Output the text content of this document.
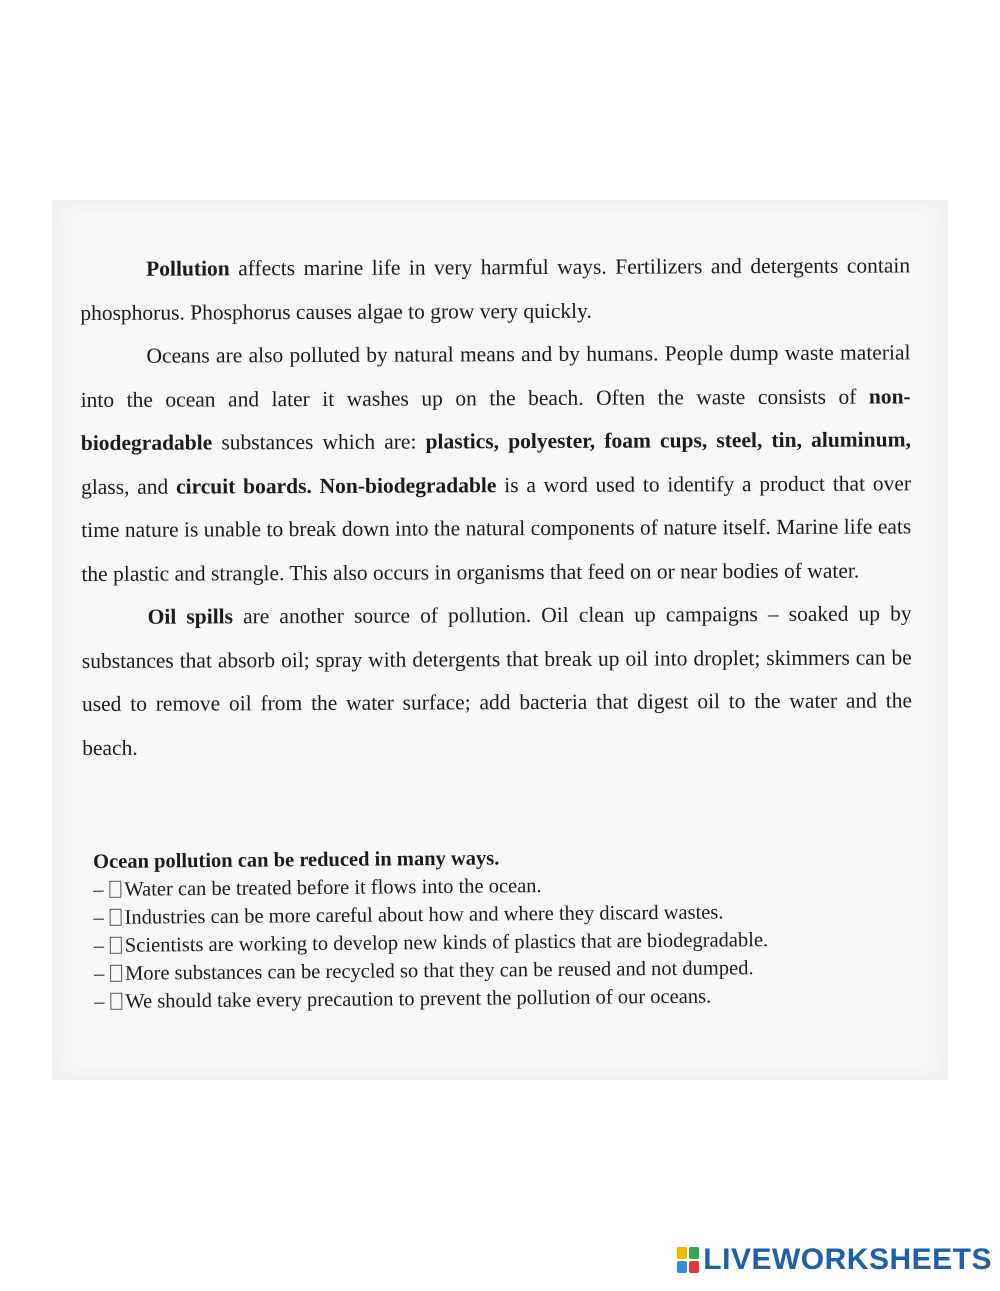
Pollution affects marine life in very harmful ways. Fertilizers and detergents contain phosphorus. Phosphorus causes algae to grow very quickly.

Oceans are also polluted by natural means and by humans. People dump waste material into the ocean and later it washes up on the beach. Often the waste consists of non-biodegradable substances which are: plastics, polyester, foam cups, steel, tin, aluminum, glass, and circuit boards. Non-biodegradable is a word used to identify a product that over time nature is unable to break down into the natural components of nature itself. Marine life eats the plastic and strangle. This also occurs in organisms that feed on or near bodies of water.

Oil spills are another source of pollution. Oil clean up campaigns – soaked up by substances that absorb oil; spray with detergents that break up oil into droplet; skimmers can be used to remove oil from the water surface; add bacteria that digest oil to the water and the beach.

Ocean pollution can be reduced in many ways.

– Water can be treated before it flows into the ocean.
– Industries can be more careful about how and where they discard wastes.
– Scientists are working to develop new kinds of plastics that are biodegradable.
– More substances can be recycled so that they can be reused and not dumped.
– We should take every precaution to prevent the pollution of our oceans.
LIVEWORKSHEETS
